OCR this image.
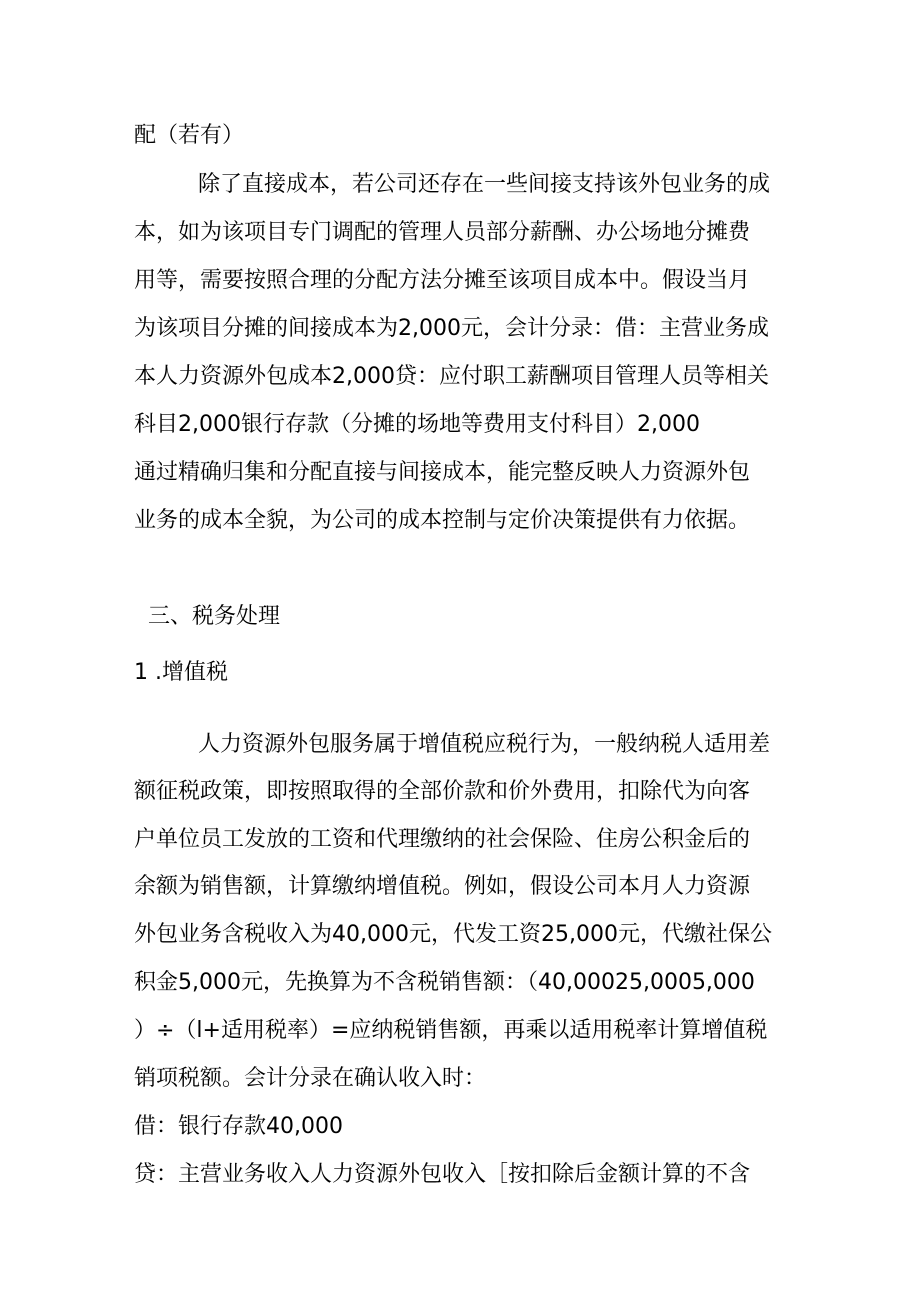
配（若有）
除了直接成本，若公司还存在一些间接支持该外包业务的成
本，如为该项目专门调配的管理人员部分薪酬、办公场地分摊费
用等，需要按照合理的分配方法分摊至该项目成本中。假设当月
为该项目分摊的间接成本为2,000元，会计分录：借：主营业务成
本人力资源外包成本2,000贷：应付职工薪酬项目管理人员等相关
科目2,000银行存款（分摊的场地等费用支付科目）2,000
通过精确归集和分配直接与间接成本，能完整反映人力资源外包
业务的成本全貌，为公司的成本控制与定价决策提供有力依据。
三、税务处理
1 .增值税
人力资源外包服务属于增值税应税行为，一般纳税人适用差
额征税政策，即按照取得的全部价款和价外费用，扣除代为向客
户单位员工发放的工资和代理缴纳的社会保险、住房公积金后的
余额为销售额，计算缴纳增值税。例如，假设公司本月人力资源
外包业务含税收入为40,000元，代发工资25,000元，代缴社保公
积金5,000元，先换算为不含税销售额：（40,00025,0005,000
）÷（l+适用税率）=应纳税销售额，再乘以适用税率计算增值税
销项税额。会计分录在确认收入时：
借：银行存款40,000
贷：主营业务收入人力资源外包收入［按扣除后金额计算的不含
